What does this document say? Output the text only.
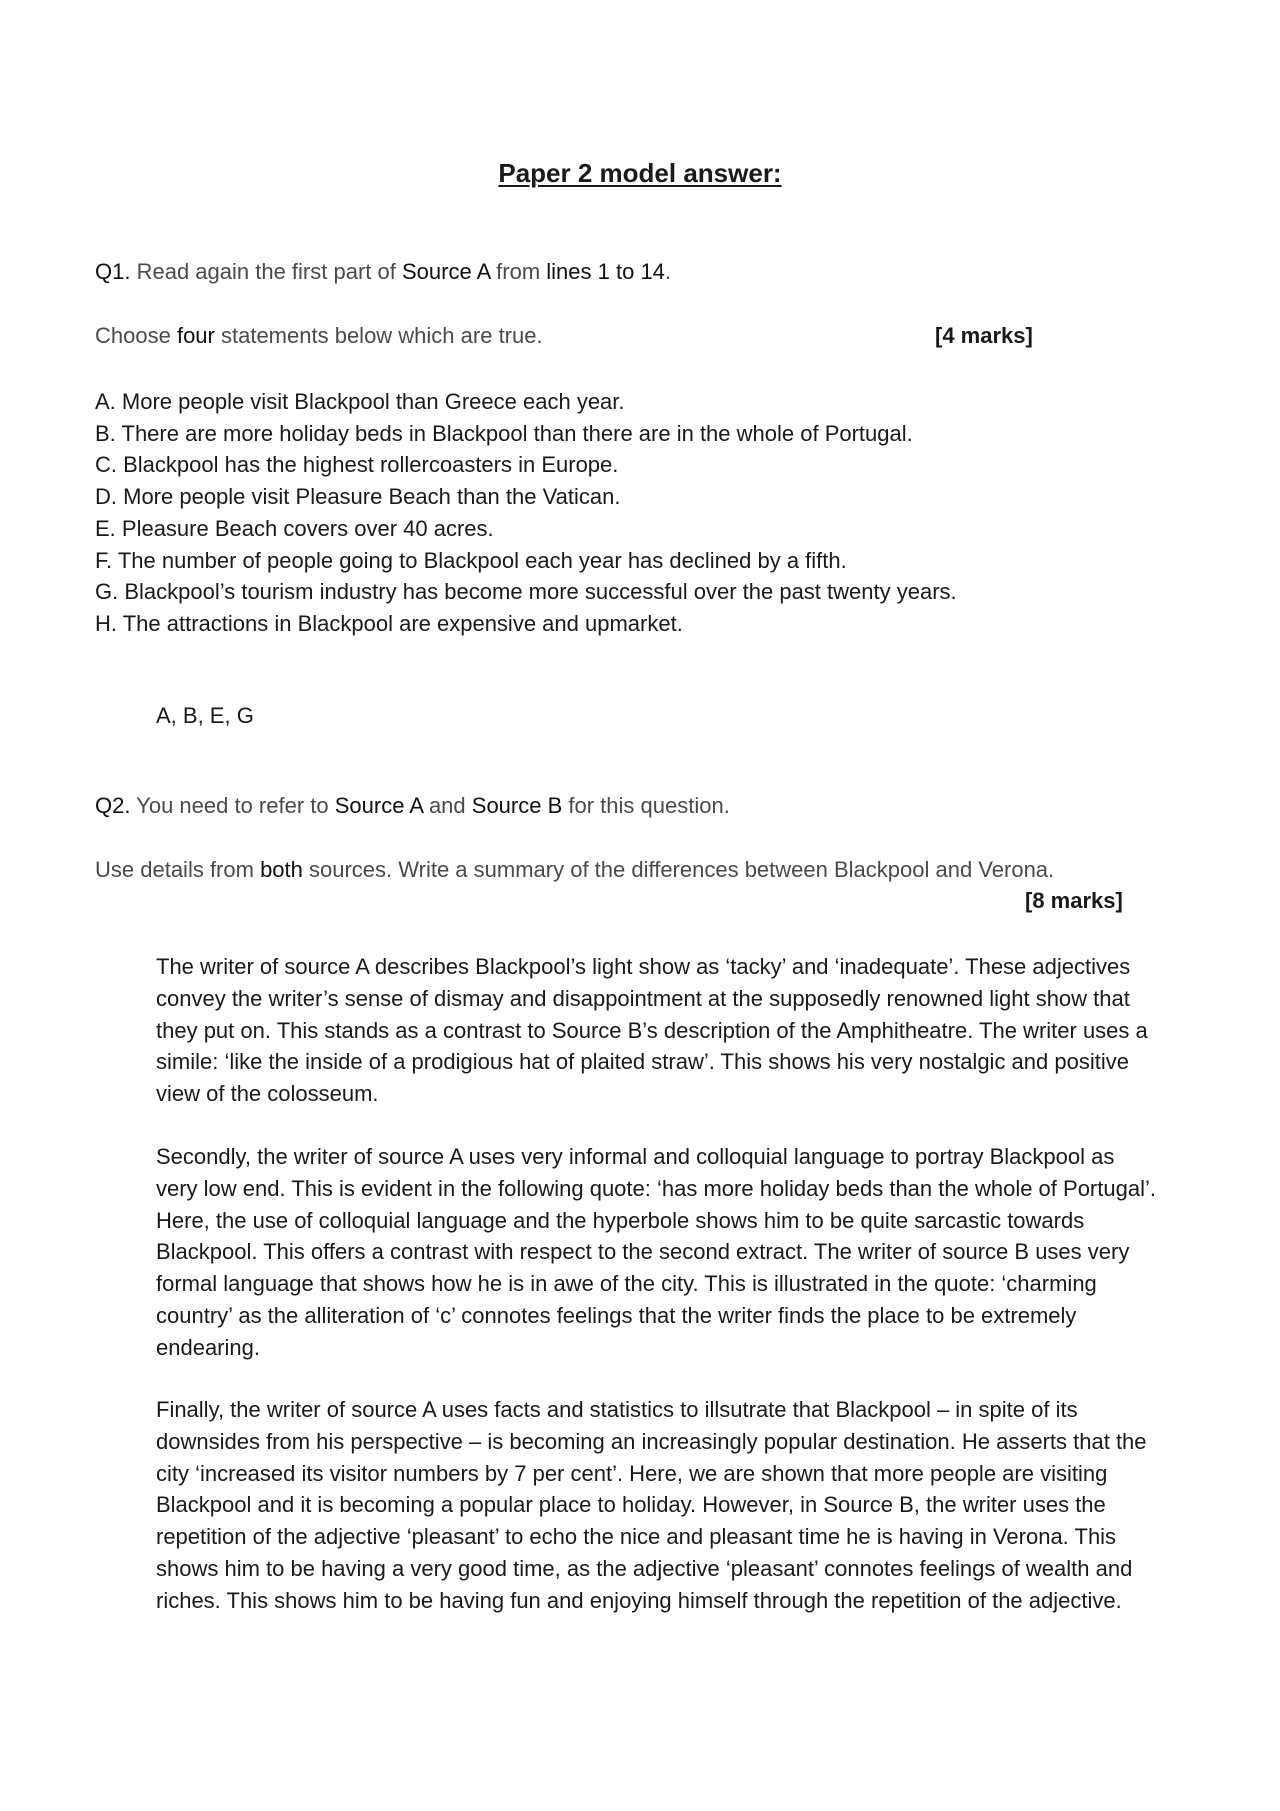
Paper 2 model answer:
Q1. Read again the first part of Source A from lines 1 to 14.
Choose four statements below which are true.	[4 marks]
A. More people visit Blackpool than Greece each year.
B. There are more holiday beds in Blackpool than there are in the whole of Portugal.
C. Blackpool has the highest rollercoasters in Europe.
D. More people visit Pleasure Beach than the Vatican.
E. Pleasure Beach covers over 40 acres.
F. The number of people going to Blackpool each year has declined by a fifth.
G. Blackpool’s tourism industry has become more successful over the past twenty years.
H. The attractions in Blackpool are expensive and upmarket.
A, B, E, G
Q2. You need to refer to Source A and Source B for this question.
Use details from both sources. Write a summary of the differences between Blackpool and Verona.
[8 marks]

The writer of source A describes Blackpool’s light show as ‘tacky’ and ‘inadequate’. These adjectives convey the writer’s sense of dismay and disappointment at the supposedly renowned light show that they put on. This stands as a contrast to Source B’s description of the Amphitheatre. The writer uses a simile: ‘like the inside of a prodigious hat of plaited straw’. This shows his very nostalgic and positive view of the colosseum.

Secondly, the writer of source A uses very informal and colloquial language to portray Blackpool as very low end. This is evident in the following quote: ‘has more holiday beds than the whole of Portugal’. Here, the use of colloquial language and the hyperbole shows him to be quite sarcastic towards Blackpool. This offers a contrast with respect to the second extract. The writer of source B uses very formal language that shows how he is in awe of the city. This is illustrated in the quote: ‘charming country’ as the alliteration of ‘c’ connotes feelings that the writer finds the place to be extremely endearing.

Finally, the writer of source A uses facts and statistics to illsutrate that Blackpool – in spite of its downsides from his perspective – is becoming an increasingly popular destination. He asserts that the city ‘increased its visitor numbers by 7 per cent’. Here, we are shown that more people are visiting Blackpool and it is becoming a popular place to holiday. However, in Source B, the writer uses the repetition of the adjective ‘pleasant’ to echo the nice and pleasant time he is having in Verona. This shows him to be having a very good time, as the adjective ‘pleasant’ connotes feelings of wealth and riches. This shows him to be having fun and enjoying himself through the repetition of the adjective.
